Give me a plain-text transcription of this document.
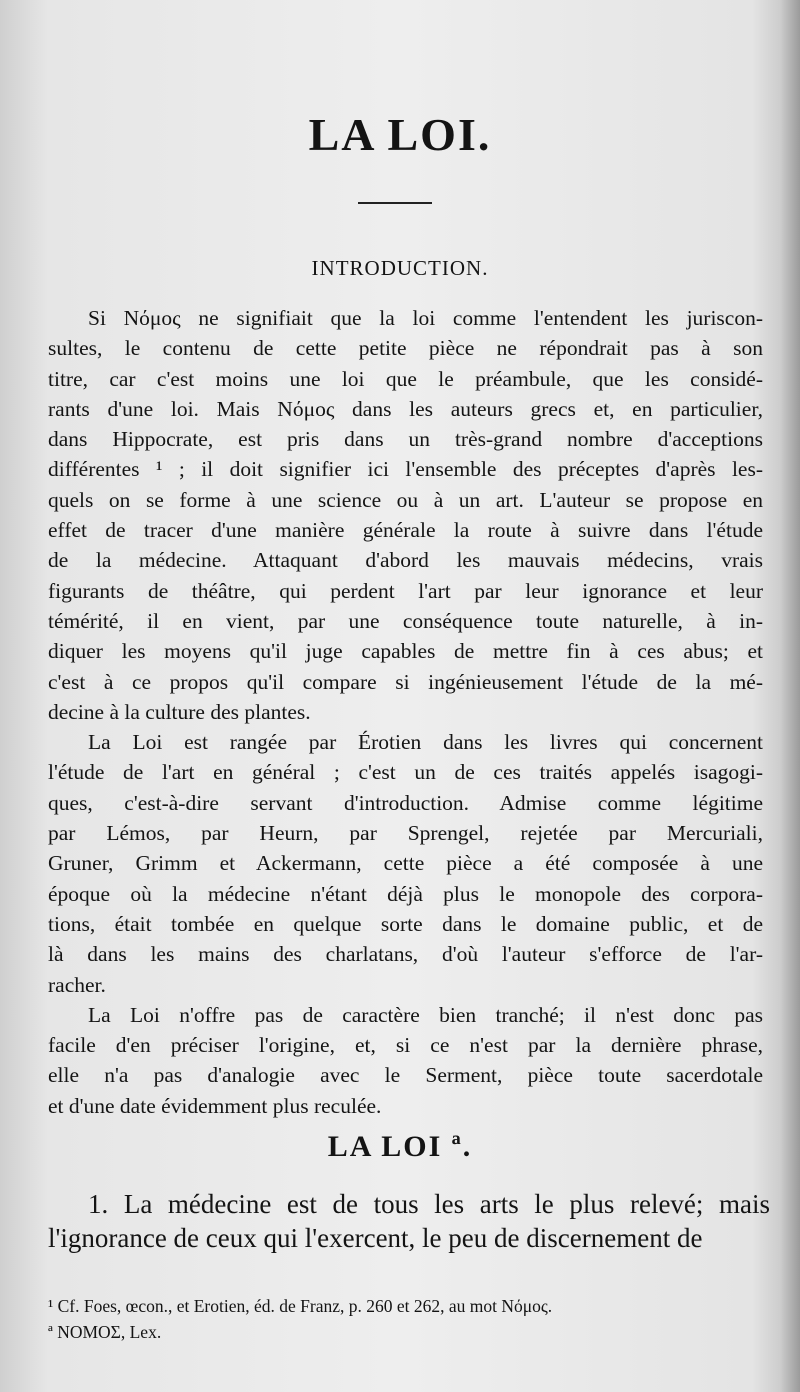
LA LOI.
INTRODUCTION.
Si Νόμος ne signifiait que la loi comme l'entendent les juriscon-
sultes, le contenu de cette petite pièce ne répondrait pas à son
titre, car c'est moins une loi que le préambule, que les considé-
rants d'une loi. Mais Νόμος dans les auteurs grecs et, en particulier,
dans Hippocrate, est pris dans un très-grand nombre d'acceptions
différentes ¹ ; il doit signifier ici l'ensemble des préceptes d'après les-
quels on se forme à une science ou à un art. L'auteur se propose en
effet de tracer d'une manière générale la route à suivre dans l'étude
de la médecine. Attaquant d'abord les mauvais médecins, vrais
figurants de théâtre, qui perdent l'art par leur ignorance et leur
témérité, il en vient, par une conséquence toute naturelle, à in-
diquer les moyens qu'il juge capables de mettre fin à ces abus; et
c'est à ce propos qu'il compare si ingénieusement l'étude de la mé-
decine à la culture des plantes.
La Loi est rangée par Érotien dans les livres qui concernent
l'étude de l'art en général ; c'est un de ces traités appelés isagogi-
ques, c'est-à-dire servant d'introduction. Admise comme légitime
par Lémos, par Heurn, par Sprengel, rejetée par Mercuriali,
Gruner, Grimm et Ackermann, cette pièce a été composée à une
époque où la médecine n'étant déjà plus le monopole des corpora-
tions, était tombée en quelque sorte dans le domaine public, et de
là dans les mains des charlatans, d'où l'auteur s'efforce de l'ar-
racher.
La Loi n'offre pas de caractère bien tranché; il n'est donc pas
facile d'en préciser l'origine, et, si ce n'est par la dernière phrase,
elle n'a pas d'analogie avec le Serment, pièce toute sacerdotale
et d'une date évidemment plus reculée.
LA LOI ª.
1. La médecine est de tous les arts le plus relevé; mais
l'ignorance de ceux qui l'exercent, le peu de discernement de
¹ Cf. Foes, œcon., et Erotien, éd. de Franz, p. 260 et 262, au mot Νόμος.
ª ΝΟΜΟΣ, Lex.
